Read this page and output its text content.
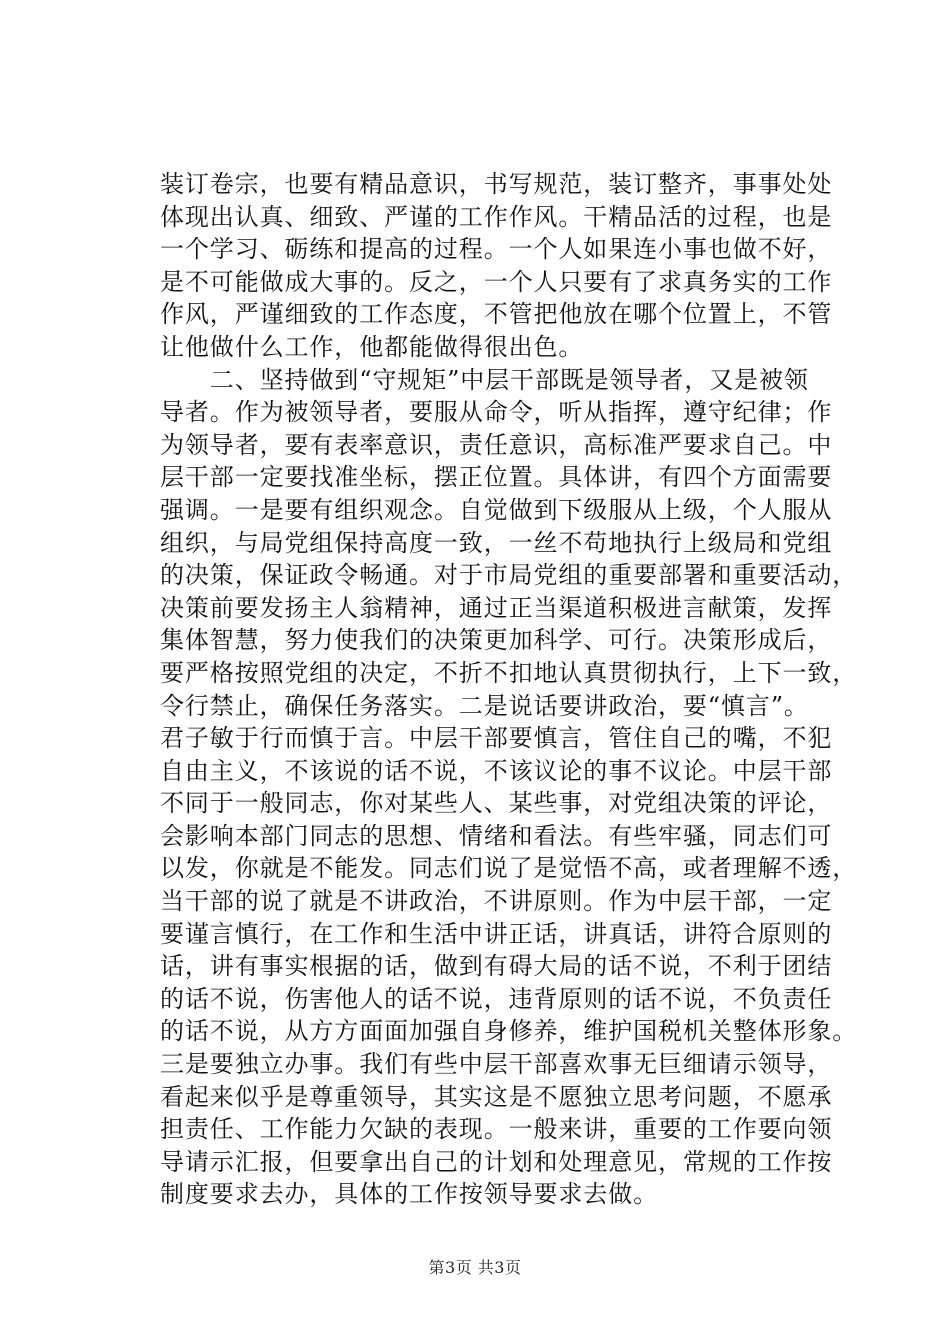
装订卷宗，也要有精品意识，书写规范，装订整齐，事事处处
体现出认真、细致、严谨的工作作风。干精品活的过程，也是
一个学习、砺练和提高的过程。一个人如果连小事也做不好，
是不可能做成大事的。反之，一个人只要有了求真务实的工作
作风，严谨细致的工作态度，不管把他放在哪个位置上，不管
让他做什么工作，他都能做得很出色。
　　二、坚持做到“守规矩”中层干部既是领导者，又是被领
导者。作为被领导者，要服从命令，听从指挥，遵守纪律；作
为领导者，要有表率意识，责任意识，高标准严要求自己。中
层干部一定要找准坐标，摆正位置。具体讲，有四个方面需要
强调。一是要有组织观念。自觉做到下级服从上级，个人服从
组织，与局党组保持高度一致，一丝不苟地执行上级局和党组
的决策，保证政令畅通。对于市局党组的重要部署和重要活动，
决策前要发扬主人翁精神，通过正当渠道积极进言献策，发挥
集体智慧，努力使我们的决策更加科学、可行。决策形成后，
要严格按照党组的决定，不折不扣地认真贯彻执行，上下一致，
令行禁止，确保任务落实。二是说话要讲政治，要“慎言”。
君子敏于行而慎于言。中层干部要慎言，管住自己的嘴，不犯
自由主义，不该说的话不说，不该议论的事不议论。中层干部
不同于一般同志，你对某些人、某些事，对党组决策的评论，
会影响本部门同志的思想、情绪和看法。有些牢骚，同志们可
以发，你就是不能发。同志们说了是觉悟不高，或者理解不透，
当干部的说了就是不讲政治，不讲原则。作为中层干部，一定
要谨言慎行，在工作和生活中讲正话，讲真话，讲符合原则的
话，讲有事实根据的话，做到有碍大局的话不说，不利于团结
的话不说，伤害他人的话不说，违背原则的话不说，不负责任
的话不说，从方方面面加强自身修养，维护国税机关整体形象。
三是要独立办事。我们有些中层干部喜欢事无巨细请示领导，
看起来似乎是尊重领导，其实这是不愿独立思考问题，不愿承
担责任、工作能力欠缺的表现。一般来讲，重要的工作要向领
导请示汇报，但要拿出自己的计划和处理意见，常规的工作按
制度要求去办，具体的工作按领导要求去做。
第3页 共3页
